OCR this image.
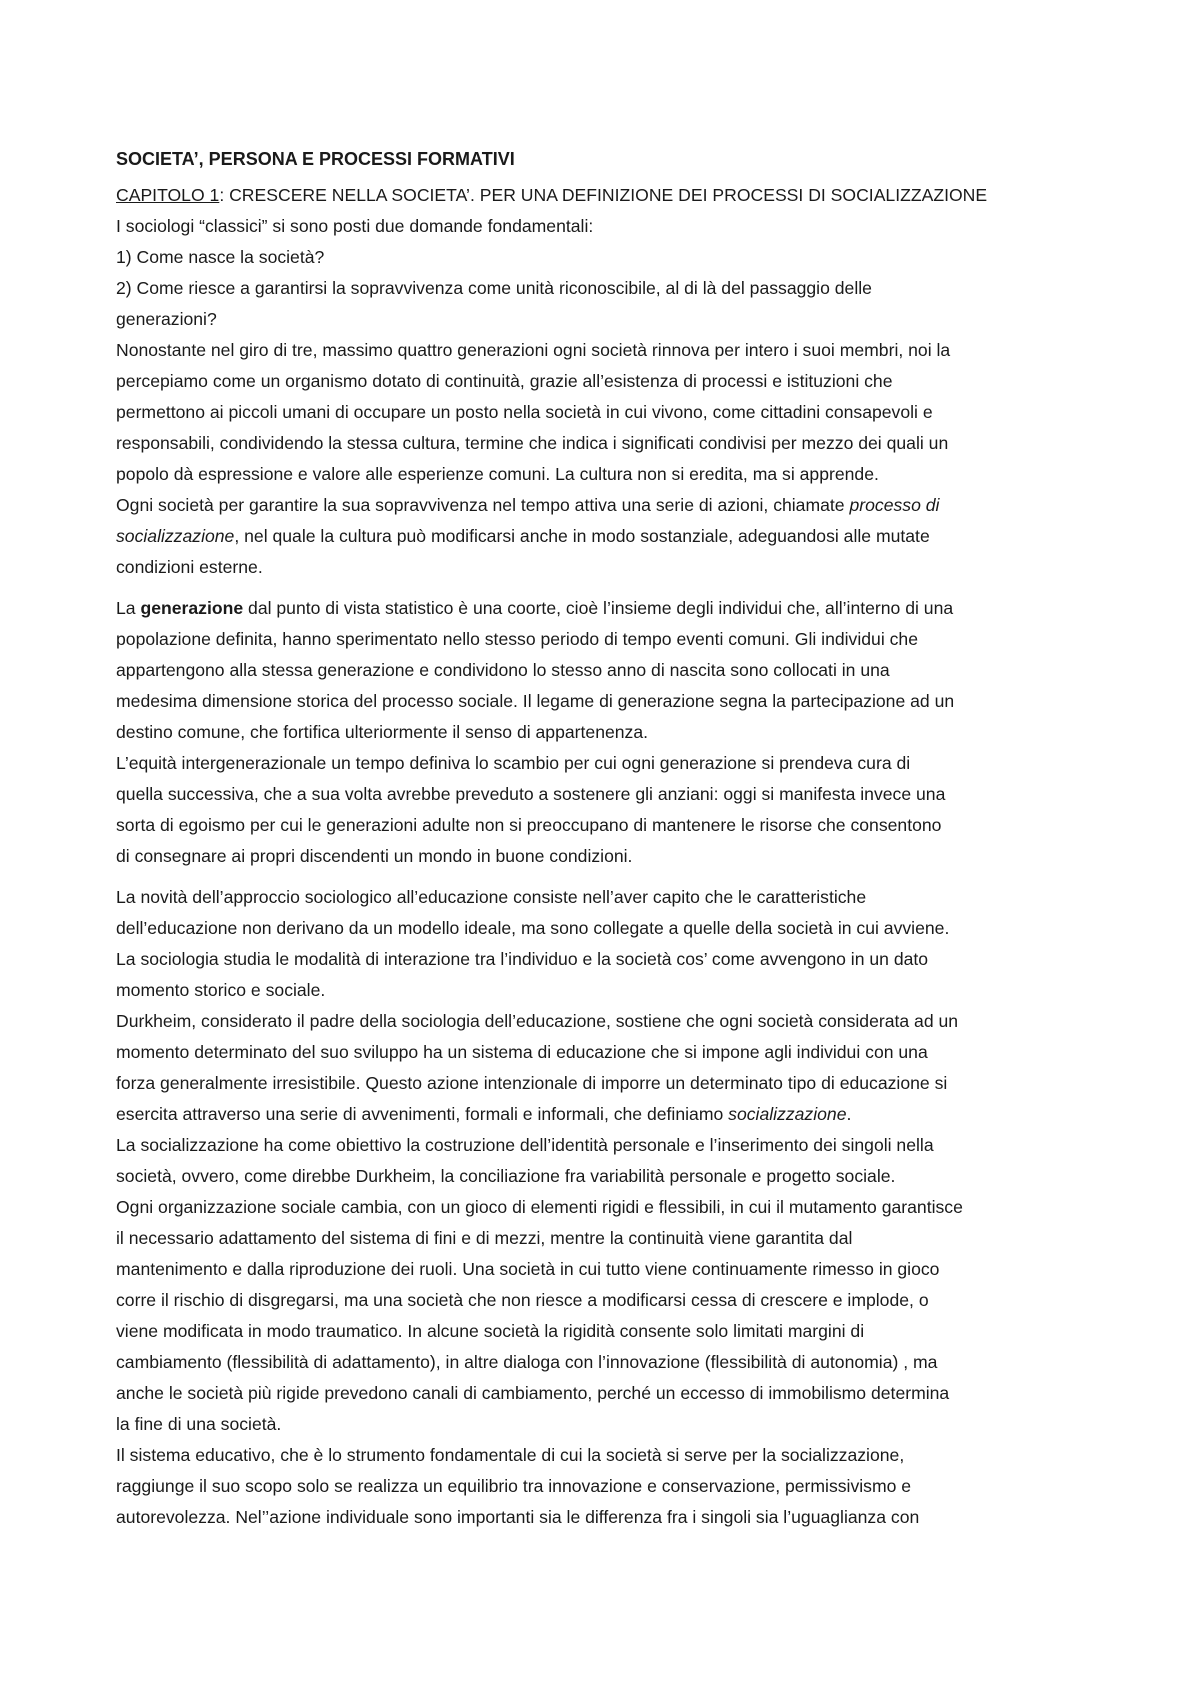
SOCIETA’, PERSONA E PROCESSI FORMATIVI
CAPITOLO 1: CRESCERE NELLA SOCIETA’. PER UNA DEFINIZIONE DEI PROCESSI DI SOCIALIZZAZIONE
I sociologi “classici” si sono posti due domande fondamentali:
1) Come nasce la società?
2) Come riesce a garantirsi la sopravvivenza come unità riconoscibile, al di là del passaggio delle
generazioni?
Nonostante nel giro di tre, massimo quattro generazioni ogni società rinnova per intero i suoi membri, noi la
percepiamo come un organismo dotato di continuità, grazie all’esistenza di processi e istituzioni che
permettono ai piccoli umani di occupare un posto nella società in cui vivono, come cittadini consapevoli e
responsabili, condividendo la stessa cultura, termine che indica i significati condivisi per mezzo dei quali un
popolo dà espressione e valore alle esperienze comuni. La cultura non si eredita, ma si apprende.
Ogni società per garantire la sua sopravvivenza nel tempo attiva una serie di azioni, chiamate processo di
socializzazione, nel quale la cultura può modificarsi anche in modo sostanziale, adeguandosi alle mutate
condizioni esterne.
La generazione dal punto di vista statistico è una coorte, cioè l’insieme degli individui che, all’interno di una
popolazione definita, hanno sperimentato nello stesso periodo di tempo eventi comuni. Gli individui che
appartengono alla stessa generazione e condividono lo stesso anno di nascita sono collocati in una
medesima dimensione storica del processo sociale. Il legame di generazione segna la partecipazione ad un
destino comune, che fortifica ulteriormente il senso di appartenenza.
L’equità intergenerazionale un tempo definiva lo scambio per cui ogni generazione si prendeva cura di
quella successiva, che a sua volta avrebbe preveduto a sostenere gli anziani: oggi si manifesta invece una
sorta di egoismo per cui le generazioni adulte non si preoccupano di mantenere le risorse che consentono
di consegnare ai propri discendenti un mondo in buone condizioni.
La novità dell’approccio sociologico all’educazione consiste nell’aver capito che le caratteristiche
dell’educazione non derivano da un modello ideale, ma sono collegate a quelle della società in cui avviene.
La sociologia studia le modalità di interazione tra l’individuo e la società cos’ come avvengono in un dato
momento storico e sociale.
Durkheim, considerato il padre della sociologia dell’educazione, sostiene che ogni società considerata ad un
momento determinato del suo sviluppo ha un sistema di educazione che si impone agli individui con una
forza generalmente irresistibile. Questo azione intenzionale di imporre un determinato tipo di educazione si
esercita attraverso una serie di avvenimenti, formali e informali, che definiamo socializzazione.
La socializzazione ha come obiettivo la costruzione dell’identità personale e l’inserimento dei singoli nella
società, ovvero, come direbbe Durkheim, la conciliazione fra variabilità personale e progetto sociale.
Ogni organizzazione sociale cambia, con un gioco di elementi rigidi e flessibili, in cui il mutamento garantisce
il necessario adattamento del sistema di fini e di mezzi, mentre la continuità viene garantita dal
mantenimento e dalla riproduzione dei ruoli. Una società in cui tutto viene continuamente rimesso in gioco
corre il rischio di disgregarsi, ma una società che non riesce a modificarsi cessa di crescere e implode, o
viene modificata in modo traumatico. In alcune società la rigidità consente solo limitati margini di
cambiamento (flessibilità di adattamento), in altre dialoga con l’innovazione (flessibilità di autonomia) , ma
anche le società più rigide prevedono canali di cambiamento, perché un eccesso di immobilismo determina
la fine di una società.
Il sistema educativo, che è lo strumento fondamentale di cui la società si serve per la socializzazione,
raggiunge il suo scopo solo se realizza un equilibrio tra innovazione e conservazione, permissivismo e
autorevolezza. Nel’’azione individuale sono importanti sia le differenza fra i singoli sia l’uguaglianza con
